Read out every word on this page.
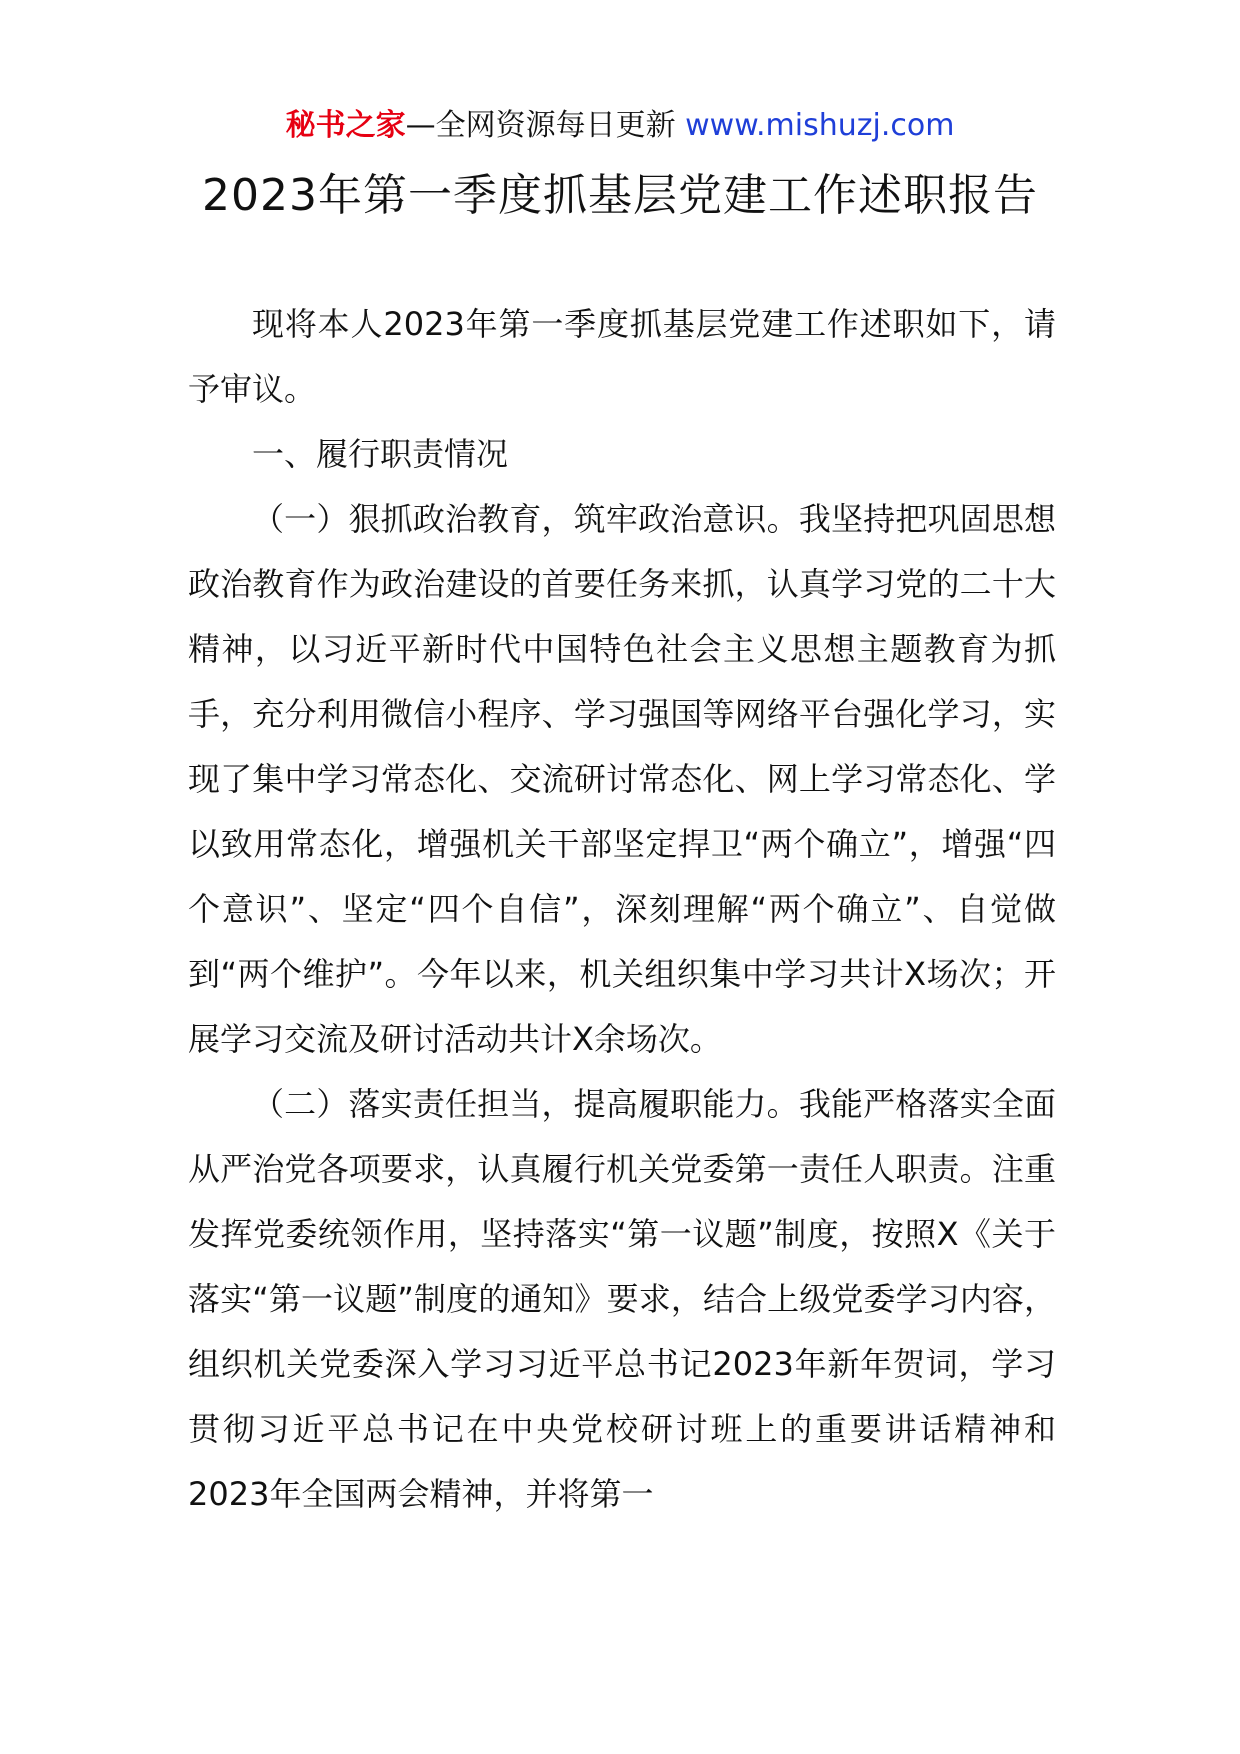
秘书之家—全网资源每日更新 www.mishuzj.com
2023年第一季度抓基层党建工作述职报告

现将本人2023年第一季度抓基层党建工作述职如下，请予审议。

一、履行职责情况

（一）狠抓政治教育，筑牢政治意识。我坚持把巩固思想政治教育作为政治建设的首要任务来抓，认真学习党的二十大精神，以习近平新时代中国特色社会主义思想主题教育为抓手，充分利用微信小程序、学习强国等网络平台强化学习，实现了集中学习常态化、交流研讨常态化、网上学习常态化、学以致用常态化，增强机关干部坚定捍卫“两个确立”，增强“四个意识”、坚定“四个自信”，深刻理解“两个确立”、自觉做到“两个维护”。今年以来，机关组织集中学习共计X场次；开展学习交流及研讨活动共计X余场次。

（二）落实责任担当，提高履职能力。我能严格落实全面从严治党各项要求，认真履行机关党委第一责任人职责。注重发挥党委统领作用，坚持落实“第一议题”制度，按照X《关于落实“第一议题”制度的通知》要求，结合上级党委学习内容，组织机关党委深入学习习近平总书记2023年新年贺词，学习贯彻习近平总书记在中央党校研讨班上的重要讲话精神和2023年全国两会精神，并将第一
